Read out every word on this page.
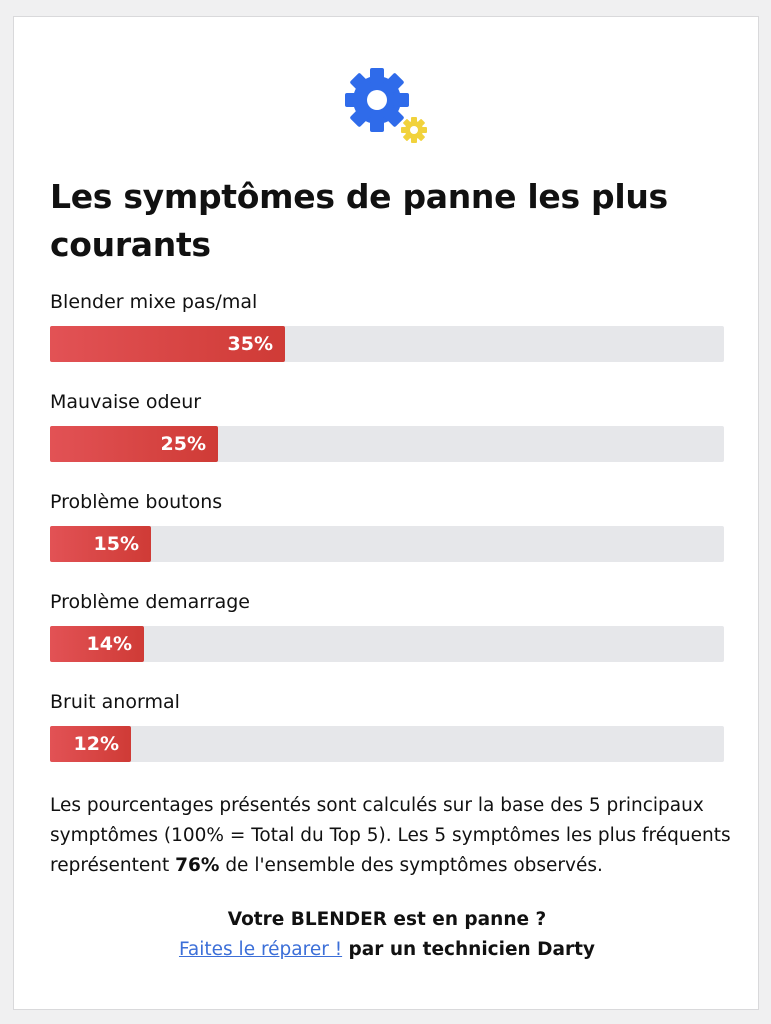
Les symptômes de panne les plus courants
Blender mixe pas/mal
35%
Mauvaise odeur
25%
Problème boutons
15%
Problème demarrage
14%
Bruit anormal
12%

Les pourcentages présentés sont calculés sur la base des 5 principaux symptômes (100% = Total du Top 5). Les 5 symptômes les plus fréquents représentent 76% de l'ensemble des symptômes observés.

Votre BLENDER est en panne ?
Faites le réparer ! par un technicien Darty
